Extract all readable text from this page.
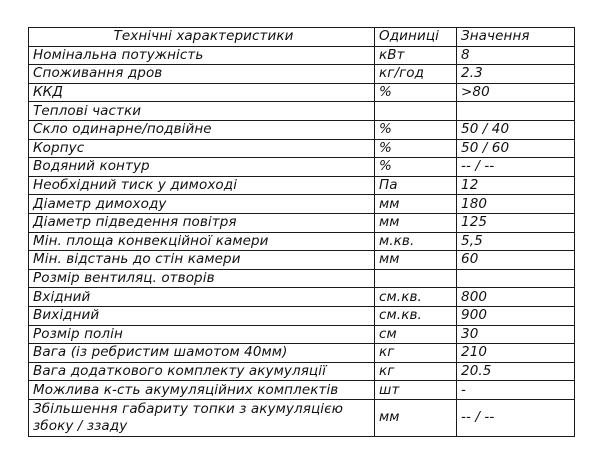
Технічні характеристики	Одиниці	Значення
Номінальна потужність	кВт	8
Споживання дров	кг/год	2.3
ККД	%	>80
Теплові частки		
Скло одинарне/подвійне	%	50 / 40
Корпус	%	50 / 60
Водяний контур	%	-- / --
Необхідний тиск у димоході	Па	12
Діаметр димоходу	мм	180
Діаметр підведення повітря	мм	125
Мін. площа конвекційної камери	м.кв.	5,5
Мін. відстань до стін камери	мм	60
Розмір вентиляц. отворів		
Вхідний	см.кв.	800
Вихідний	см.кв.	900
Розмір полін	см	30
Вага (із ребристим шамотом 40мм)	кг	210
Вага додаткового комплекту акумуляції	кг	20.5
Можлива к-сть акумуляційних комплектів	шт	-
Збільшення габариту топки з акумуляцією збоку / ззаду	мм	-- / --
